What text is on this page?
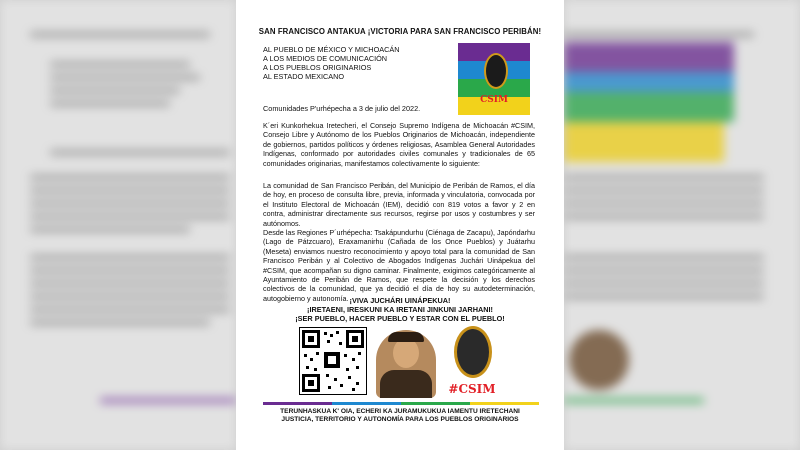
SAN FRANCISCO ANTAKUA ¡VICTORIA PARA SAN FRANCISCO PERIBÁN!
AL PUEBLO DE MÉXICO Y MICHOACÁN
A LOS MEDIOS DE COMUNICACIÓN
A LOS PUEBLOS ORIGINARIOS
AL ESTADO MEXICANO
CSIM
Comunidades P'urhépecha a 3 de julio del 2022.
K´eri Kunkorhekua Iretecheri, el Consejo Supremo Indígena de Michoacán #CSIM, Consejo Libre y Autónomo de los Pueblos Originarios de Michoacán, independiente de gobiernos, partidos políticos y órdenes religiosas, Asamblea General Autoridades Indígenas, conformado por autoridades civiles comunales y tradicionales de 65 comunidades originarias, manifestamos colectivamente lo siguiente:
La comunidad de San Francisco Peribán, del Municipio de Peribán de Ramos, el día de hoy, en proceso de consulta libre, previa, informada y vinculatoria, convocada por el Instituto Electoral de Michoacán (IEM), decidió con 819 votos a favor y 2 en contra, administrar directamente sus recursos, regirse por usos y costumbres y ser autónomos.
Desde las Regiones P´urhépecha: Tsakápundurhu (Ciénaga de Zacapu), Japóndarhu (Lago de Pátzcuaro), Eraxamanirhu (Cañada de los Once Pueblos) y Juátarhu (Meseta) enviamos nuestro reconocimiento y apoyo total para la comunidad de San Francisco Peribán y al Colectivo de Abogados Indígenas Juchári Uinápekua del #CSIM, que acompañan su digno caminar. Finalmente, exigimos categóricamente al Ayuntamiento de Peribán de Ramos, que respete la decisión y los derechos colectivos de la comunidad, que ya decidió el día de hoy su autodeterminación, autogobierno y autonomía. ¡VIVA JUCHÁRI UINÁPEKUA!
¡IRETAENI, IRESKUNI KA IRETANI JINKUNI JARHANI!
¡SER PUEBLO, HACER PUEBLO Y ESTAR CON EL PUEBLO!
#CSIM
TERUNHASKUA K' OIA, ECHERI KA JURAMUKUKUA IAMENTU IRETECHANI
JUSTICIA, TERRITORIO Y AUTONOMÍA PARA LOS PUEBLOS ORIGINARIOS
